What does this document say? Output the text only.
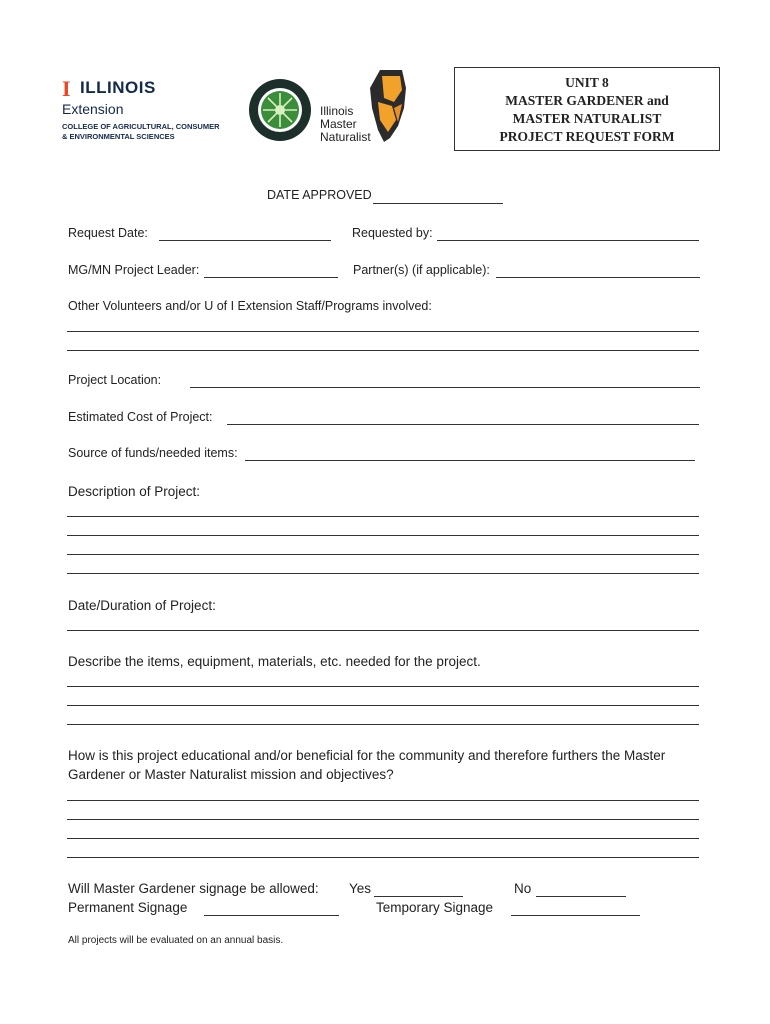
I ILLINOIS
Extension
COLLEGE OF AGRICULTURAL, CONSUMER
& ENVIRONMENTAL SCIENCES
Illinois
Master
Naturalist
UNIT 8
MASTER GARDENER and
MASTER NATURALIST
PROJECT REQUEST FORM
DATE APPROVED
Request Date:	Requested by:
MG/MN Project Leader:	Partner(s) (if applicable):
Other Volunteers and/or U of I Extension Staff/Programs involved:
Project Location:
Estimated Cost of Project:
Source of funds/needed items:
Description of Project:
Date/Duration of Project:
Describe the items, equipment, materials, etc. needed for the project.
How is this project educational and/or beneficial for the community and therefore furthers the Master
Gardener or Master Naturalist mission and objectives?
Will Master Gardener signage be allowed: Yes	No
Permanent Signage	Temporary Signage
All projects will be evaluated on an annual basis.
